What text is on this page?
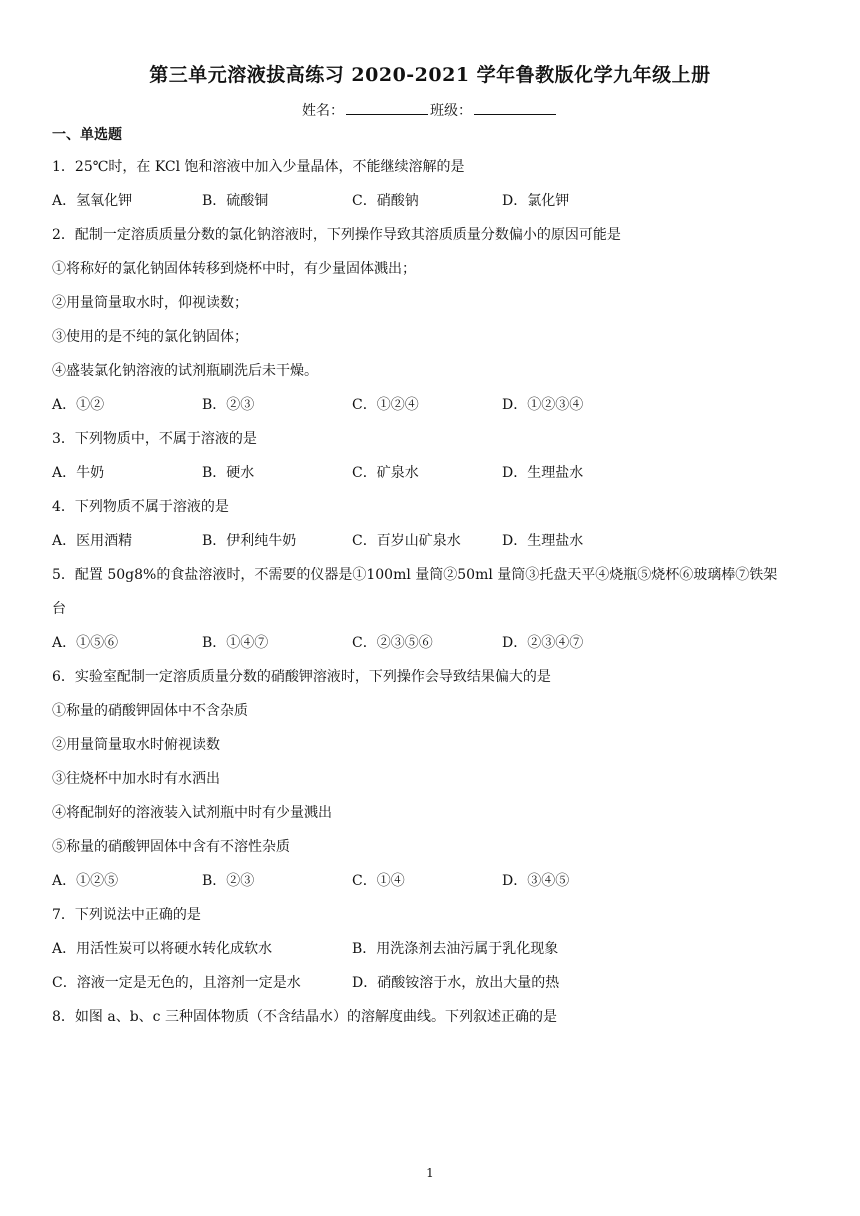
第三单元溶液拔高练习 2020-2021 学年鲁教版化学九年级上册
姓名：	班级：
一、单选题
1．25℃时，在 KCl 饱和溶液中加入少量晶体，不能继续溶解的是
A．氢氧化钾	B．硫酸铜	C．硝酸钠	D．氯化钾
2．配制一定溶质质量分数的氯化钠溶液时，下列操作导致其溶质质量分数偏小的原因可能是
①将称好的氯化钠固体转移到烧杯中时，有少量固体溅出；
②用量筒量取水时，仰视读数；
③使用的是不纯的氯化钠固体；
④盛装氯化钠溶液的试剂瓶刷洗后未干燥。
A．①②	B．②③	C．①②④	D．①②③④
3．下列物质中，不属于溶液的是
A．牛奶	B．硬水	C．矿泉水	D．生理盐水
4．下列物质不属于溶液的是
A．医用酒精	B．伊利纯牛奶	C．百岁山矿泉水	D．生理盐水
5．配置 50g8%的食盐溶液时，不需要的仪器是①100ml 量筒②50ml 量筒③托盘天平④烧瓶⑤烧杯⑥玻璃棒⑦铁架
台
A．①⑤⑥	B．①④⑦	C．②③⑤⑥	D．②③④⑦
6．实验室配制一定溶质质量分数的硝酸钾溶液时，下列操作会导致结果偏大的是
①称量的硝酸钾固体中不含杂质
②用量筒量取水时俯视读数
③往烧杯中加水时有水洒出
④将配制好的溶液装入试剂瓶中时有少量溅出
⑤称量的硝酸钾固体中含有不溶性杂质
A．①②⑤	B．②③	C．①④	D．③④⑤
7．下列说法中正确的是
A．用活性炭可以将硬水转化成软水	B．用洗涤剂去油污属于乳化现象
C．溶液一定是无色的，且溶剂一定是水	D．硝酸铵溶于水，放出大量的热
8．如图 a、b、c 三种固体物质（不含结晶水）的溶解度曲线。下列叙述正确的是
1
